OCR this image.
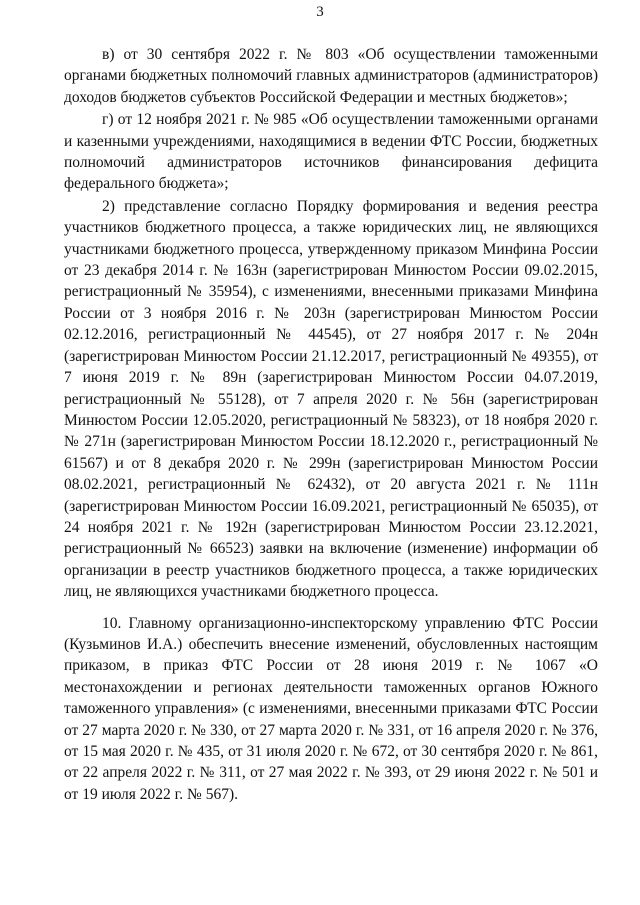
3

в) от 30 сентября 2022 г. № 803 «Об осуществлении таможенными органами бюджетных полномочий главных администраторов (администраторов) доходов бюджетов субъектов Российской Федерации и местных бюджетов»;

г) от 12 ноября 2021 г. № 985 «Об осуществлении таможенными органами и казенными учреждениями, находящимися в ведении ФТС России, бюджетных полномочий администраторов источников финансирования дефицита федерального бюджета»;

2) представление согласно Порядку формирования и ведения реестра участников бюджетного процесса, а также юридических лиц, не являющихся участниками бюджетного процесса, утвержденному приказом Минфина России от 23 декабря 2014 г. № 163н (зарегистрирован Минюстом России 09.02.2015, регистрационный № 35954), с изменениями, внесенными приказами Минфина России от 3 ноября 2016 г. № 203н (зарегистрирован Минюстом России 02.12.2016, регистрационный № 44545), от 27 ноября 2017 г. № 204н (зарегистрирован Минюстом России 21.12.2017, регистрационный № 49355), от 7 июня 2019 г. № 89н (зарегистрирован Минюстом России 04.07.2019, регистрационный № 55128), от 7 апреля 2020 г. № 56н (зарегистрирован Минюстом России 12.05.2020, регистрационный № 58323), от 18 ноября 2020 г. № 271н (зарегистрирован Минюстом России 18.12.2020 г., регистрационный № 61567) и от 8 декабря 2020 г. № 299н (зарегистрирован Минюстом России 08.02.2021, регистрационный № 62432), от 20 августа 2021 г. № 111н (зарегистрирован Минюстом России 16.09.2021, регистрационный № 65035), от 24 ноября 2021 г. № 192н (зарегистрирован Минюстом России 23.12.2021, регистрационный № 66523) заявки на включение (изменение) информации об организации в реестр участников бюджетного процесса, а также юридических лиц, не являющихся участниками бюджетного процесса.

10. Главному организационно-инспекторскому управлению ФТС России (Кузьминов И.А.) обеспечить внесение изменений, обусловленных настоящим приказом, в приказ ФТС России от 28 июня 2019 г. № 1067 «О местонахождении и регионах деятельности таможенных органов Южного таможенного управления» (с изменениями, внесенными приказами ФТС России от 27 марта 2020 г. № 330, от 27 марта 2020 г. № 331, от 16 апреля 2020 г. № 376, от 15 мая 2020 г. № 435, от 31 июля 2020 г. № 672, от 30 сентября 2020 г. № 861, от 22 апреля 2022 г. № 311, от 27 мая 2022 г. № 393, от 29 июня 2022 г. № 501 и от 19 июля 2022 г. № 567).
